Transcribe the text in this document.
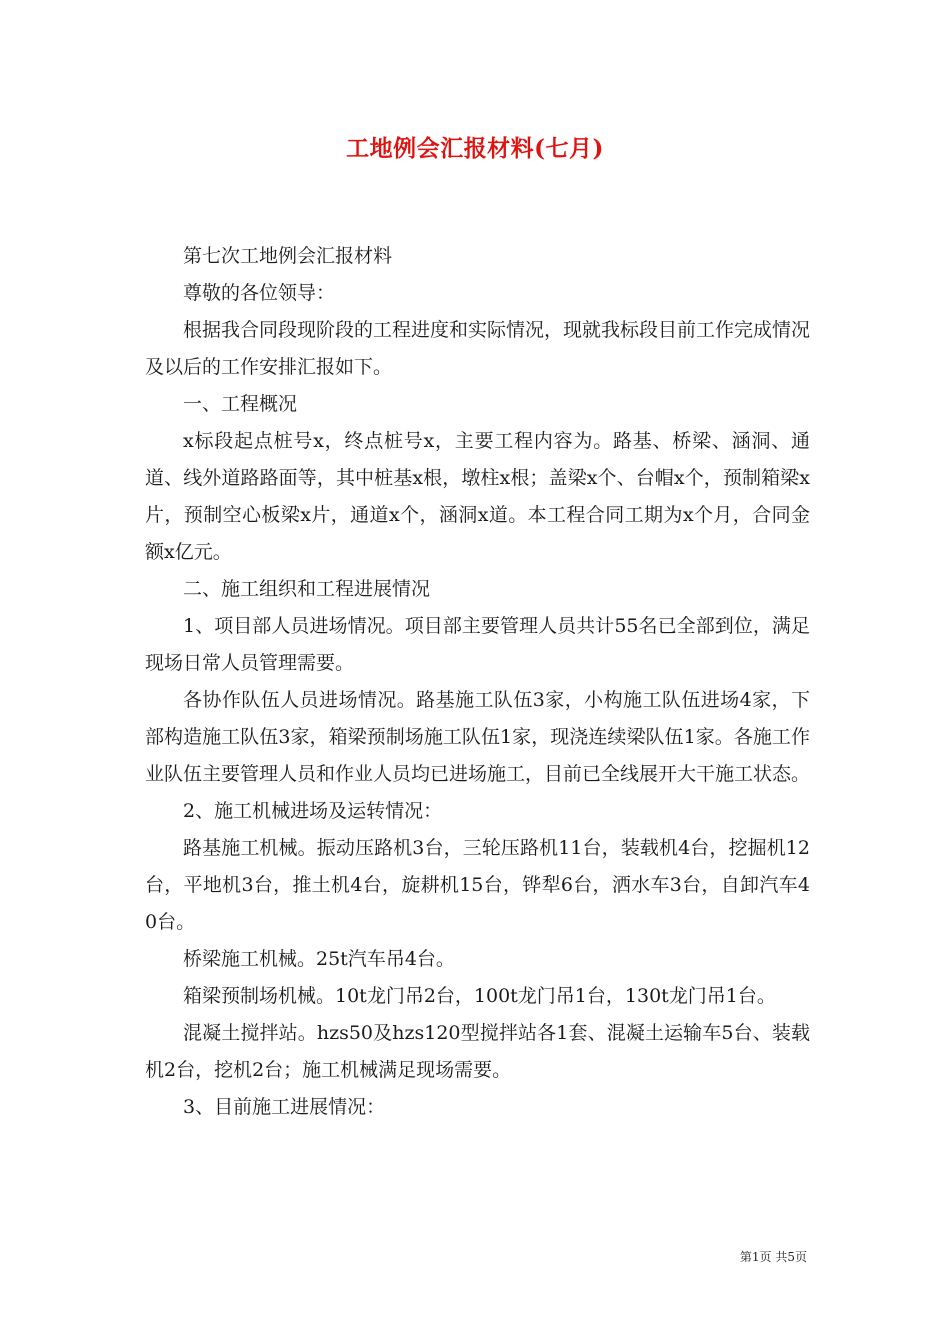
工地例会汇报材料(七月)

第七次工地例会汇报材料

尊敬的各位领导：

根据我合同段现阶段的工程进度和实际情况，现就我标段目前工作完成情况及以后的工作安排汇报如下。

一、工程概况

x标段起点桩号x，终点桩号x，主要工程内容为。路基、桥梁、涵洞、通道、线外道路路面等，其中桩基x根，墩柱x根；盖梁x个、台帽x个，预制箱梁x片，预制空心板梁x片，通道x个，涵洞x道。本工程合同工期为x个月，合同金额x亿元。

二、施工组织和工程进展情况

1、项目部人员进场情况。项目部主要管理人员共计55名已全部到位，满足现场日常人员管理需要。

各协作队伍人员进场情况。路基施工队伍3家，小构施工队伍进场4家，下部构造施工队伍3家，箱梁预制场施工队伍1家，现浇连续梁队伍1家。各施工作业队伍主要管理人员和作业人员均已进场施工，目前已全线展开大干施工状态。

2、施工机械进场及运转情况：

路基施工机械。振动压路机3台，三轮压路机11台，装载机4台，挖掘机12台，平地机3台，推土机4台，旋耕机15台，铧犁6台，洒水车3台，自卸汽车40台。

桥梁施工机械。25t汽车吊4台。

箱梁预制场机械。10t龙门吊2台，100t龙门吊1台，130t龙门吊1台。

混凝土搅拌站。hzs50及hzs120型搅拌站各1套、混凝土运输车5台、装载机2台，挖机2台；施工机械满足现场需要。

3、目前施工进展情况：

第1页 共5页
